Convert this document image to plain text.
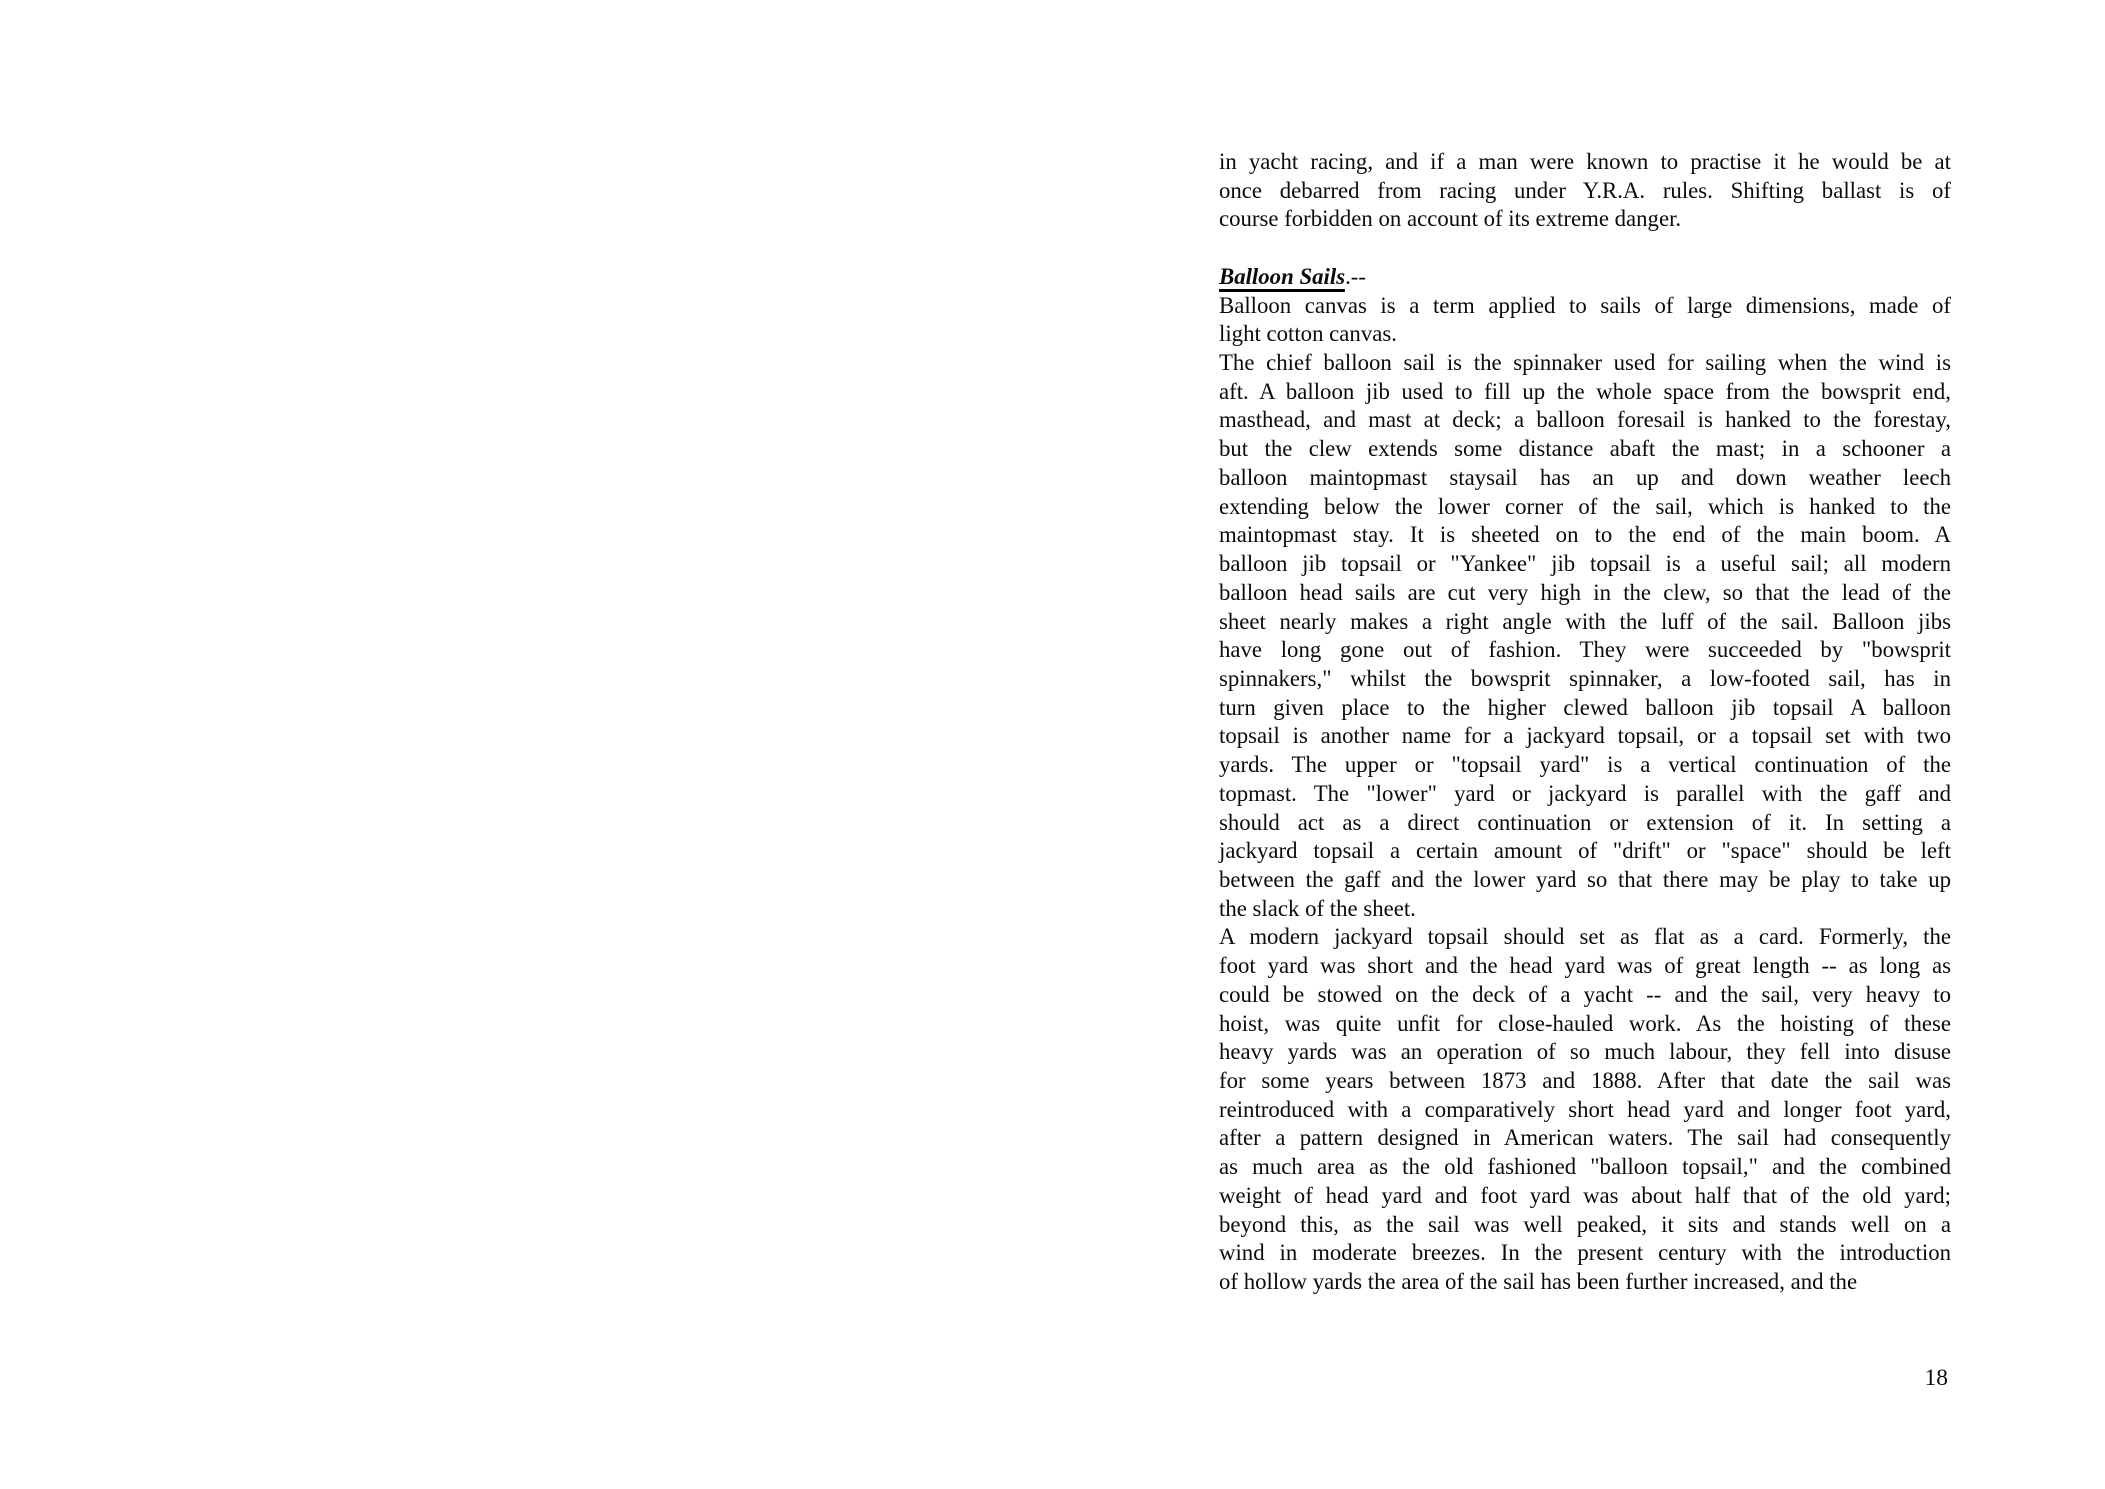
in yacht racing, and if a man were known to practise it he would be at
once debarred from racing under Y.R.A. rules. Shifting ballast is of
course forbidden on account of its extreme danger.
Balloon Sails.--
Balloon canvas is a term applied to sails of large dimensions, made of
light cotton canvas.
The chief balloon sail is the spinnaker used for sailing when the wind is
aft. A balloon jib used to fill up the whole space from the bowsprit end,
masthead, and mast at deck; a balloon foresail is hanked to the forestay,
but the clew extends some distance abaft the mast; in a schooner a
balloon maintopmast staysail has an up and down weather leech
extending below the lower corner of the sail, which is hanked to the
maintopmast stay. It is sheeted on to the end of the main boom. A
balloon jib topsail or "Yankee" jib topsail is a useful sail; all modern
balloon head sails are cut very high in the clew, so that the lead of the
sheet nearly makes a right angle with the luff of the sail. Balloon jibs
have long gone out of fashion. They were succeeded by "bowsprit
spinnakers," whilst the bowsprit spinnaker, a low-footed sail, has in
turn given place to the higher clewed balloon jib topsail A balloon
topsail is another name for a jackyard topsail, or a topsail set with two
yards. The upper or "topsail yard" is a vertical continuation of the
topmast. The "lower" yard or jackyard is parallel with the gaff and
should act as a direct continuation or extension of it. In setting a
jackyard topsail a certain amount of "drift" or "space" should be left
between the gaff and the lower yard so that there may be play to take up
the slack of the sheet.
A modern jackyard topsail should set as flat as a card. Formerly, the
foot yard was short and the head yard was of great length -- as long as
could be stowed on the deck of a yacht -- and the sail, very heavy to
hoist, was quite unfit for close-hauled work. As the hoisting of these
heavy yards was an operation of so much labour, they fell into disuse
for some years between 1873 and 1888. After that date the sail was
reintroduced with a comparatively short head yard and longer foot yard,
after a pattern designed in American waters. The sail had consequently
as much area as the old fashioned "balloon topsail," and the combined
weight of head yard and foot yard was about half that of the old yard;
beyond this, as the sail was well peaked, it sits and stands well on a
wind in moderate breezes. In the present century with the introduction
of hollow yards the area of the sail has been further increased, and the
18
